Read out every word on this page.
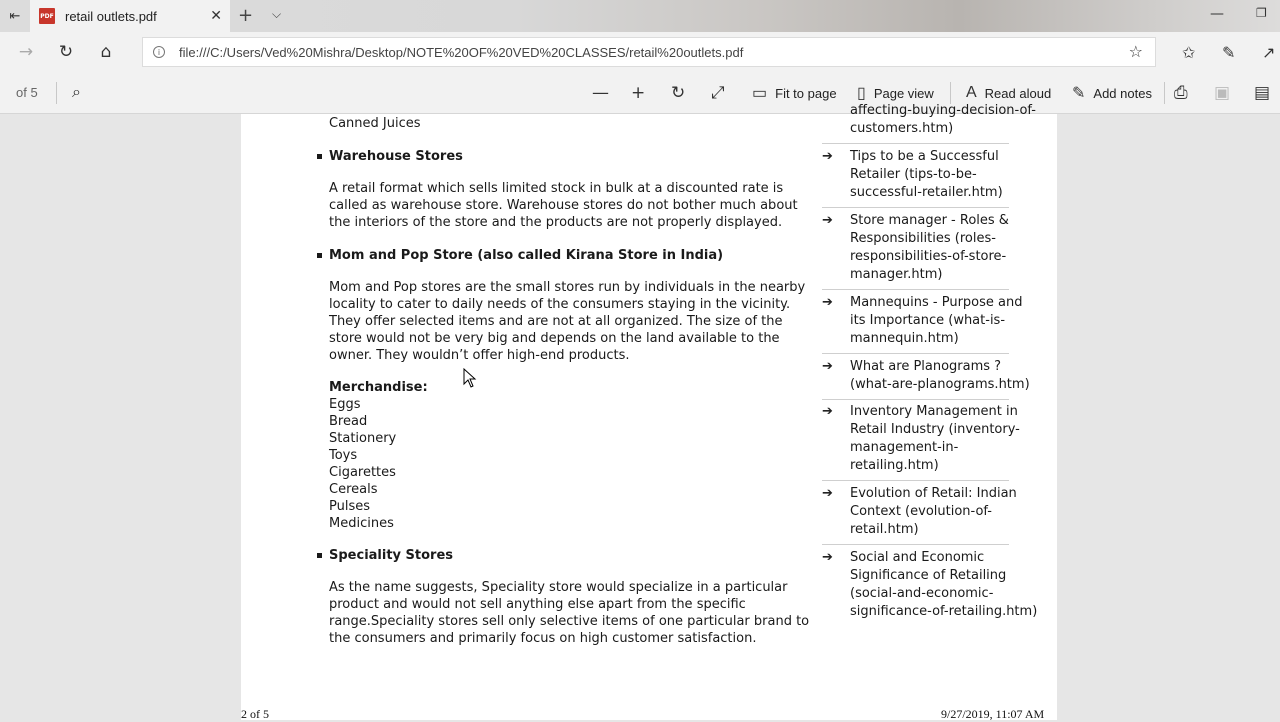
⇤	PDF retail outlets.pdf	✕ + ⌵	—	❐
→	↻	⌂	i	file:///C:/Users/Ved%20Mishra/Desktop/NOTE%20OF%20VED%20CLASSES/retail%20outlets.pdf	☆ ✩ ✎ ↗
of 5 ⌕	— + ↻ ⤢ ▭ Fit to page ▯ Page view A Read aloud ✎ Add notes ⎙ ▣ ▤
Canned Juices
Warehouse Stores
A retail format which sells limited stock in bulk at a discounted rate is
called as warehouse store. Warehouse stores do not bother much about
the interiors of the store and the products are not properly displayed.
Mom and Pop Store (also called Kirana Store in India)
Mom and Pop stores are the small stores run by individuals in the nearby
locality to cater to daily needs of the consumers staying in the vicinity.
They offer selected items and are not at all organized. The size of the
store would not be very big and depends on the land available to the
owner. They wouldn’t offer high-end products.
Merchandise:
Eggs
Bread
Stationery
Toys
Cigarettes
Cereals
Pulses
Medicines
Speciality Stores
As the name suggests, Speciality store would specialize in a particular
product and would not sell anything else apart from the specific
range.Speciality stores sell only selective items of one particular brand to
the consumers and primarily focus on high customer satisfaction.
affecting-buying-decision-of-
customers.htm)
➔ Tips to be a Successful
Retailer (tips-to-be-
successful-retailer.htm)
➔ Store manager - Roles &
Responsibilities (roles-
responsibilities-of-store-
manager.htm)
➔ Mannequins - Purpose and
its Importance (what-is-
mannequin.htm)
➔ What are Planograms ?
(what-are-planograms.htm)
➔ Inventory Management in
Retail Industry (inventory-
management-in-
retailing.htm)
➔ Evolution of Retail: Indian
Context (evolution-of-
retail.htm)
➔ Social and Economic
Significance of Retailing
(social-and-economic-
significance-of-retailing.htm)
2 of 5	9/27/2019, 11:07 AM
